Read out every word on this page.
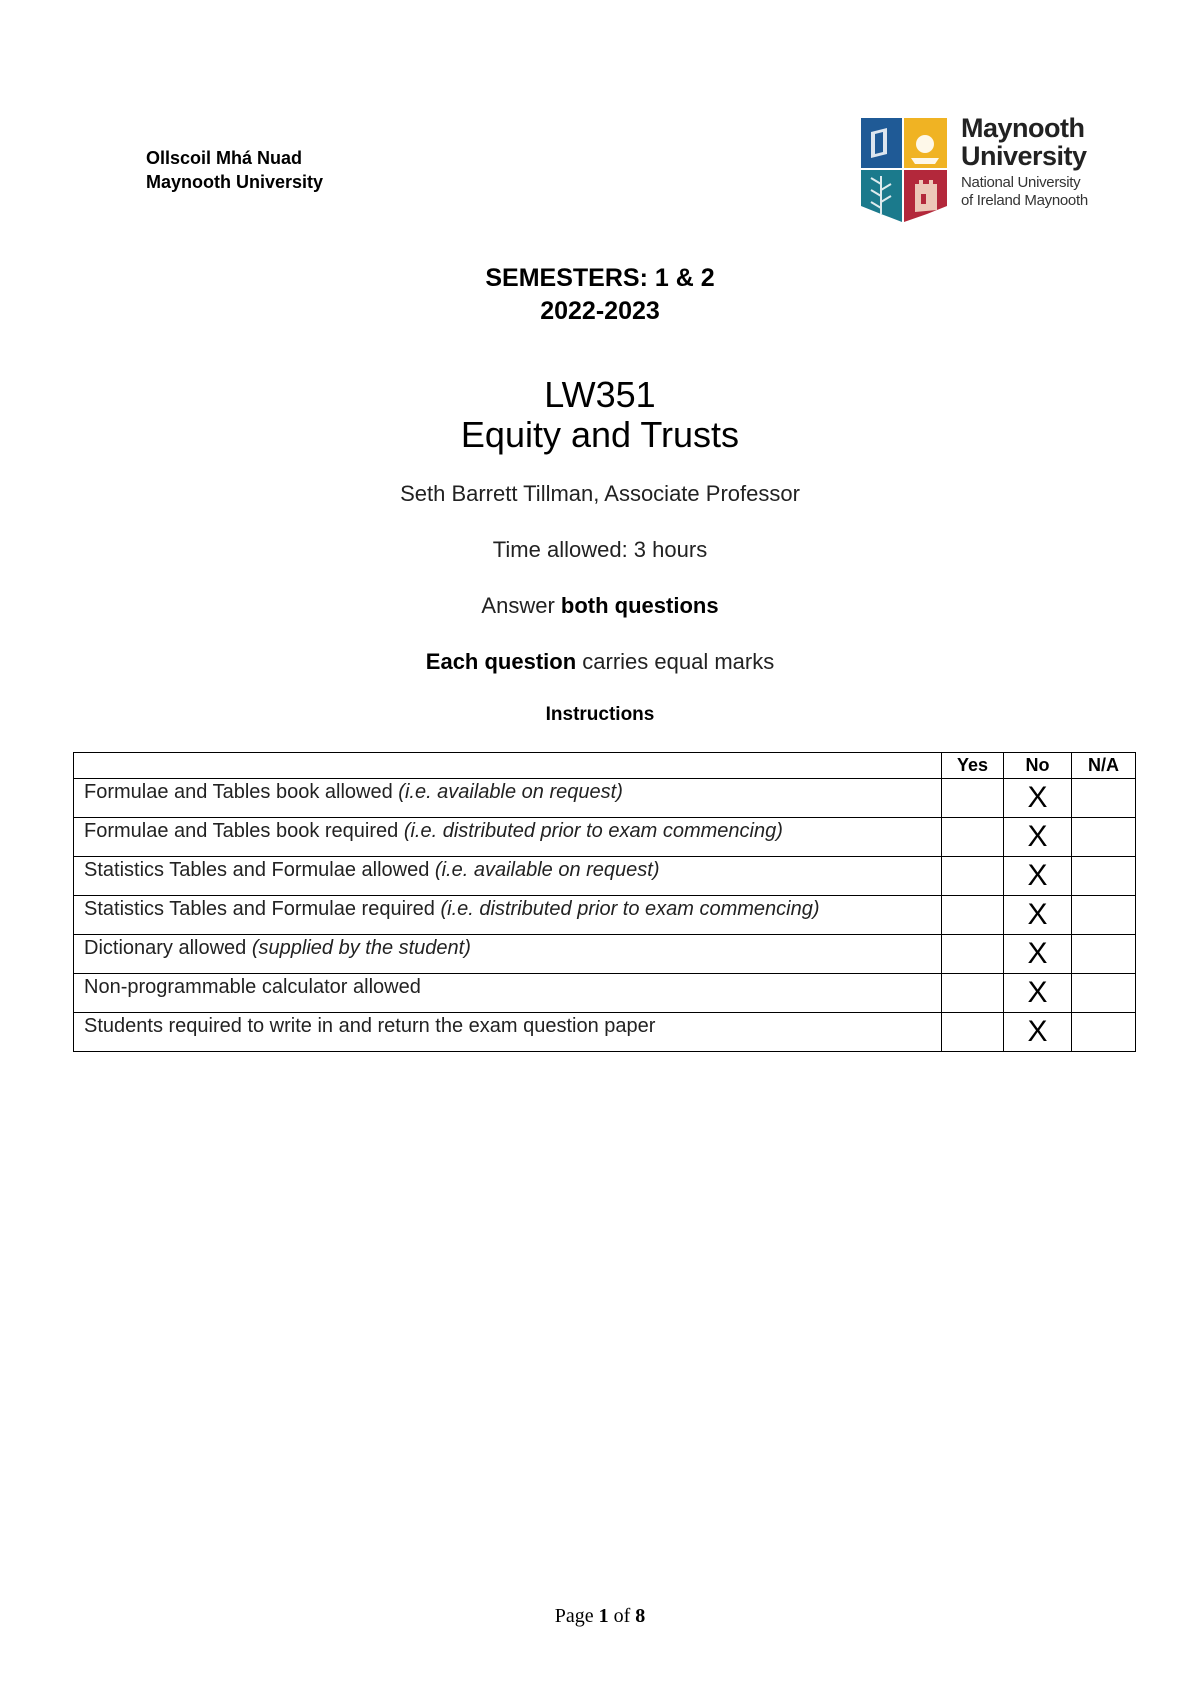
Ollscoil Mhá Nuad
Maynooth University
Maynooth
University
National University
of Ireland Maynooth
SEMESTERS: 1 & 2
2022-2023
LW351
Equity and Trusts
Seth Barrett Tillman, Associate Professor
Time allowed: 3 hours
Answer both questions
Each question carries equal marks
Instructions
	Yes	No	N/A
Formulae and Tables book allowed (i.e. available on request)		X	
Formulae and Tables book required (i.e. distributed prior to exam commencing)		X	
Statistics Tables and Formulae allowed (i.e. available on request)		X	
Statistics Tables and Formulae required (i.e. distributed prior to exam commencing)		X	
Dictionary allowed (supplied by the student)		X	
Non-programmable calculator allowed		X	
Students required to write in and return the exam question paper		X	
Page 1 of 8
